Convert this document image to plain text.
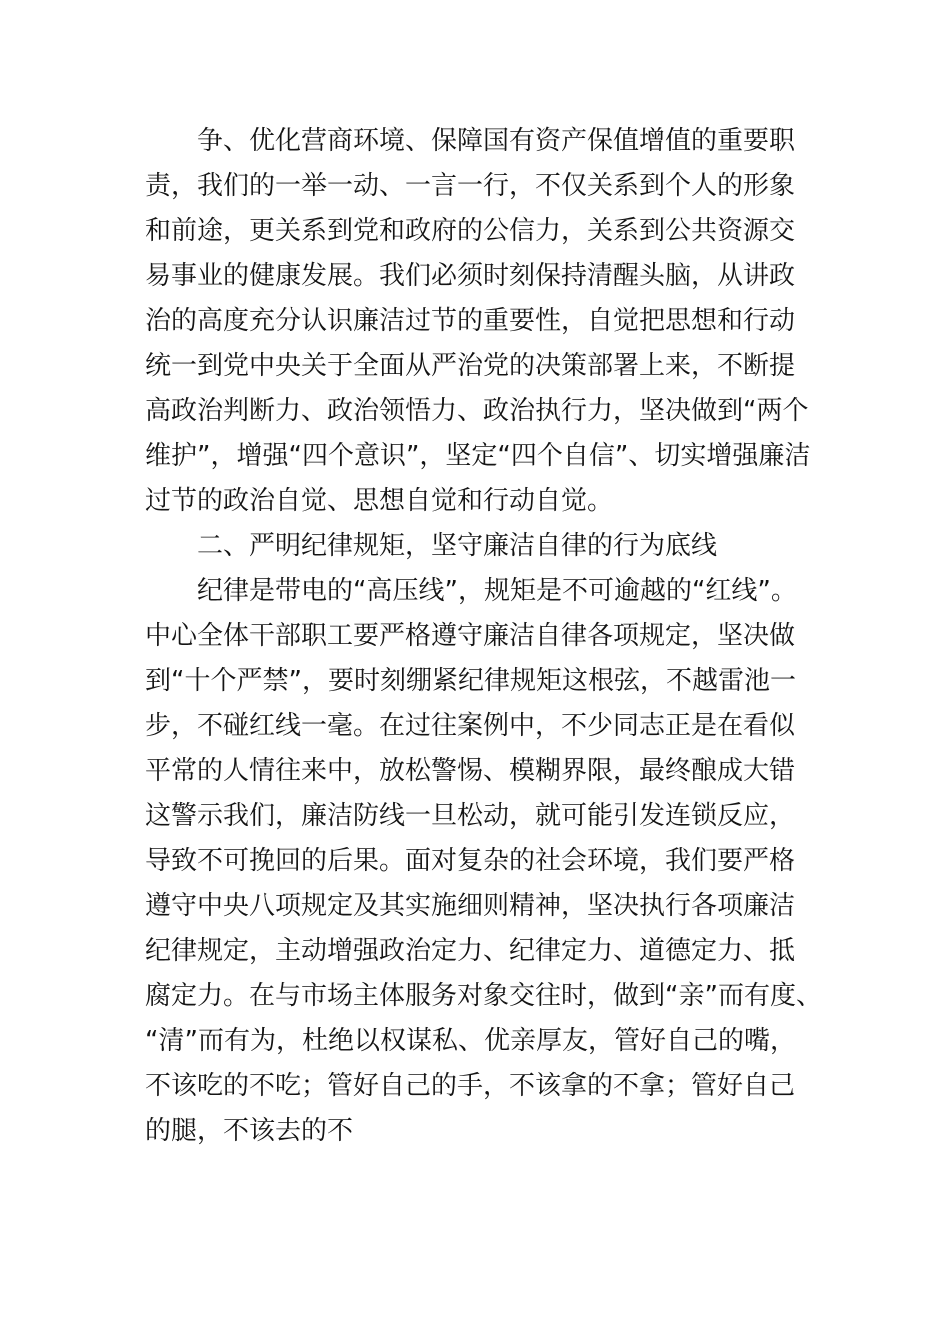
争、优化营商环境、保障国有资产保值增值的重要职
责，我们的一举一动、一言一行，不仅关系到个人的形象
和前途，更关系到党和政府的公信力，关系到公共资源交
易事业的健康发展。我们必须时刻保持清醒头脑，从讲政
治的高度充分认识廉洁过节的重要性，自觉把思想和行动
统一到党中央关于全面从严治党的决策部署上来，不断提
高政治判断力、政治领悟力、政治执行力，坚决做到“两个
维护”，增强“四个意识”，坚定“四个自信”、切实增强廉洁
过节的政治自觉、思想自觉和行动自觉。
二、严明纪律规矩，坚守廉洁自律的行为底线
纪律是带电的“高压线”，规矩是不可逾越的“红线”。
中心全体干部职工要严格遵守廉洁自律各项规定，坚决做
到“十个严禁”，要时刻绷紧纪律规矩这根弦，不越雷池一
步，不碰红线一毫。在过往案例中，不少同志正是在看似
平常的人情往来中，放松警惕、模糊界限，最终酿成大错
这警示我们，廉洁防线一旦松动，就可能引发连锁反应，
导致不可挽回的后果。面对复杂的社会环境，我们要严格
遵守中央八项规定及其实施细则精神，坚决执行各项廉洁
纪律规定，主动增强政治定力、纪律定力、道德定力、抵
腐定力。在与市场主体服务对象交往时，做到“亲”而有度、
“清”而有为，杜绝以权谋私、优亲厚友，管好自己的嘴，
不该吃的不吃；管好自己的手，不该拿的不拿；管好自己
的腿，不该去的不
